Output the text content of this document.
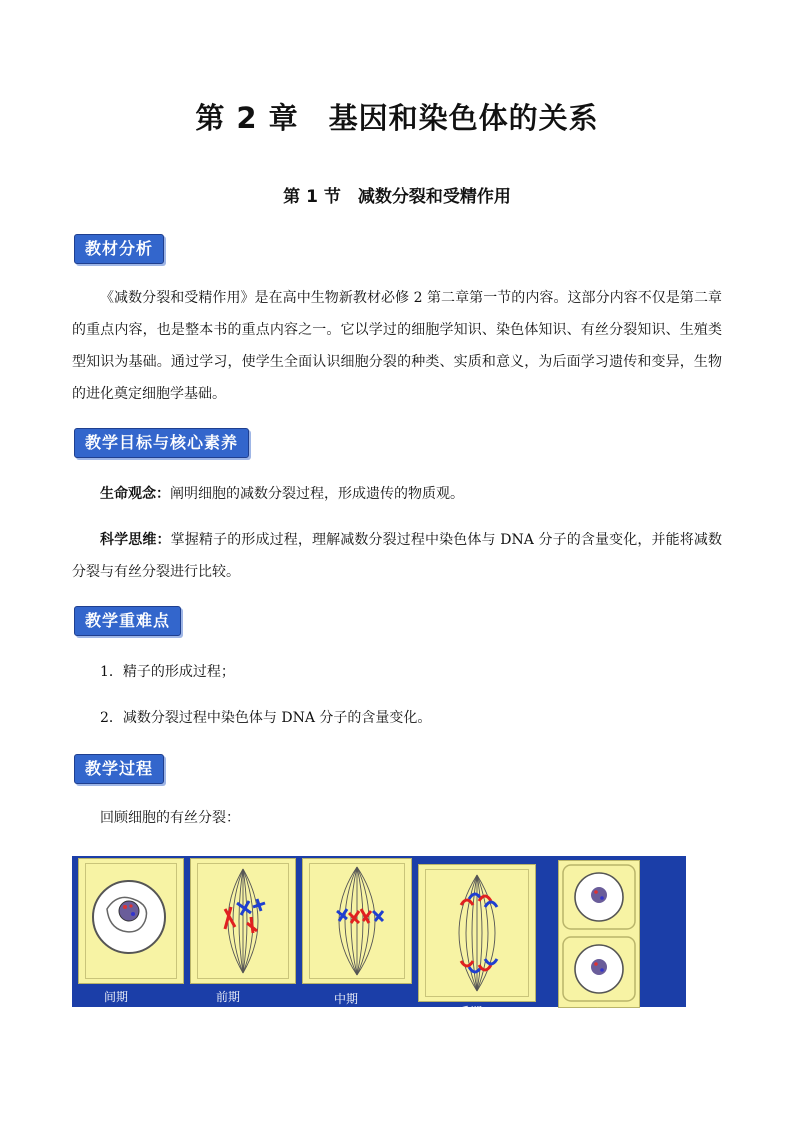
第 2 章　基因和染色体的关系
第 1 节　减数分裂和受精作用
教材分析
《减数分裂和受精作用》是在高中生物新教材必修 2 第二章第一节的内容。这部分内容不仅是第二章的重点内容，也是整本书的重点内容之一。它以学过的细胞学知识、染色体知识、有丝分裂知识、生殖类型知识为基础。通过学习，使学生全面认识细胞分裂的种类、实质和意义，为后面学习遗传和变异，生物的进化奠定细胞学基础。
教学目标与核心素养
生命观念：阐明细胞的减数分裂过程，形成遗传的物质观。
科学思维：掌握精子的形成过程，理解减数分裂过程中染色体与 DNA 分子的含量变化，并能将减数分裂与有丝分裂进行比较。
教学重难点
1．精子的形成过程；
2．减数分裂过程中染色体与 DNA 分子的含量变化。
教学过程
回顾细胞的有丝分裂：
间期	前期	中期
后期	末期
